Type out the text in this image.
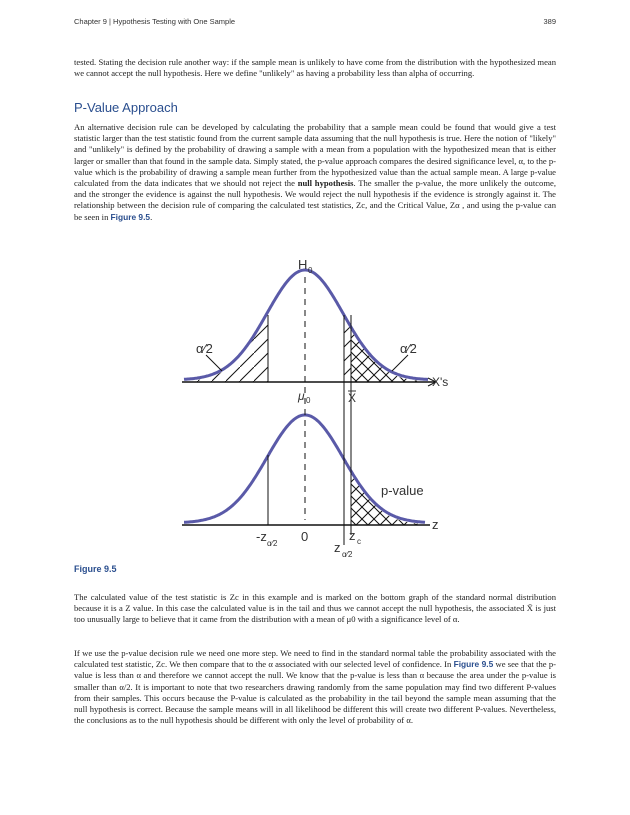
Chapter 9 | Hypothesis Testing with One Sample	389

tested. Stating the decision rule another way: if the sample mean is unlikely to have come from the distribution with the hypothesized mean we cannot accept the null hypothesis. Here we define "unlikely" as having a probability less than alpha of occurring.

P-Value Approach

An alternative decision rule can be developed by calculating the probability that a sample mean could be found that would give a test statistic larger than the test statistic found from the current sample data assuming that the null hypothesis is true. Here the notion of "likely" and "unlikely" is defined by the probability of drawing a sample with a mean from a population with the hypothesized mean that is either larger or smaller than that found in the sample data. Simply stated, the p-value approach compares the desired significance level, α, to the p-value which is the probability of drawing a sample mean further from the hypothesized value than the actual sample mean. A large p-value calculated from the data indicates that we should not reject the null hypothesis. The smaller the p-value, the more unlikely the outcome, and the stronger the evidence is against the null hypothesis. We would reject the null hypothesis if the evidence is strongly against it. The relationship between the decision rule of comparing the calculated test statistics, Zc, and the Critical Value, Zα , and using the p-value can be seen in Figure 9.5.

H 0
α⁄2	α⁄2
X's
μ 0	X
p-value
z
-z α⁄2 0	z c
z α⁄2

Figure 9.5

The calculated value of the test statistic is Zc in this example and is marked on the bottom graph of the standard normal distribution because it is a Z value. In this case the calculated value is in the tail and thus we cannot accept the null hypothesis, the associated X̄ is just too unusually large to believe that it came from the distribution with a mean of μ0 with a significance level of α.

If we use the p-value decision rule we need one more step. We need to find in the standard normal table the probability associated with the calculated test statistic, Zc. We then compare that to the α associated with our selected level of confidence. In Figure 9.5 we see that the p-value is less than α and therefore we cannot accept the null. We know that the p-value is less than α because the area under the p-value is smaller than α/2. It is important to note that two researchers drawing randomly from the same population may find two different P-values from their samples. This occurs because the P-value is calculated as the probability in the tail beyond the sample mean assuming that the null hypothesis is correct. Because the sample means will in all likelihood be different this will create two different P-values. Nevertheless, the conclusions as to the null hypothesis should be different with only the level of probability of α.
